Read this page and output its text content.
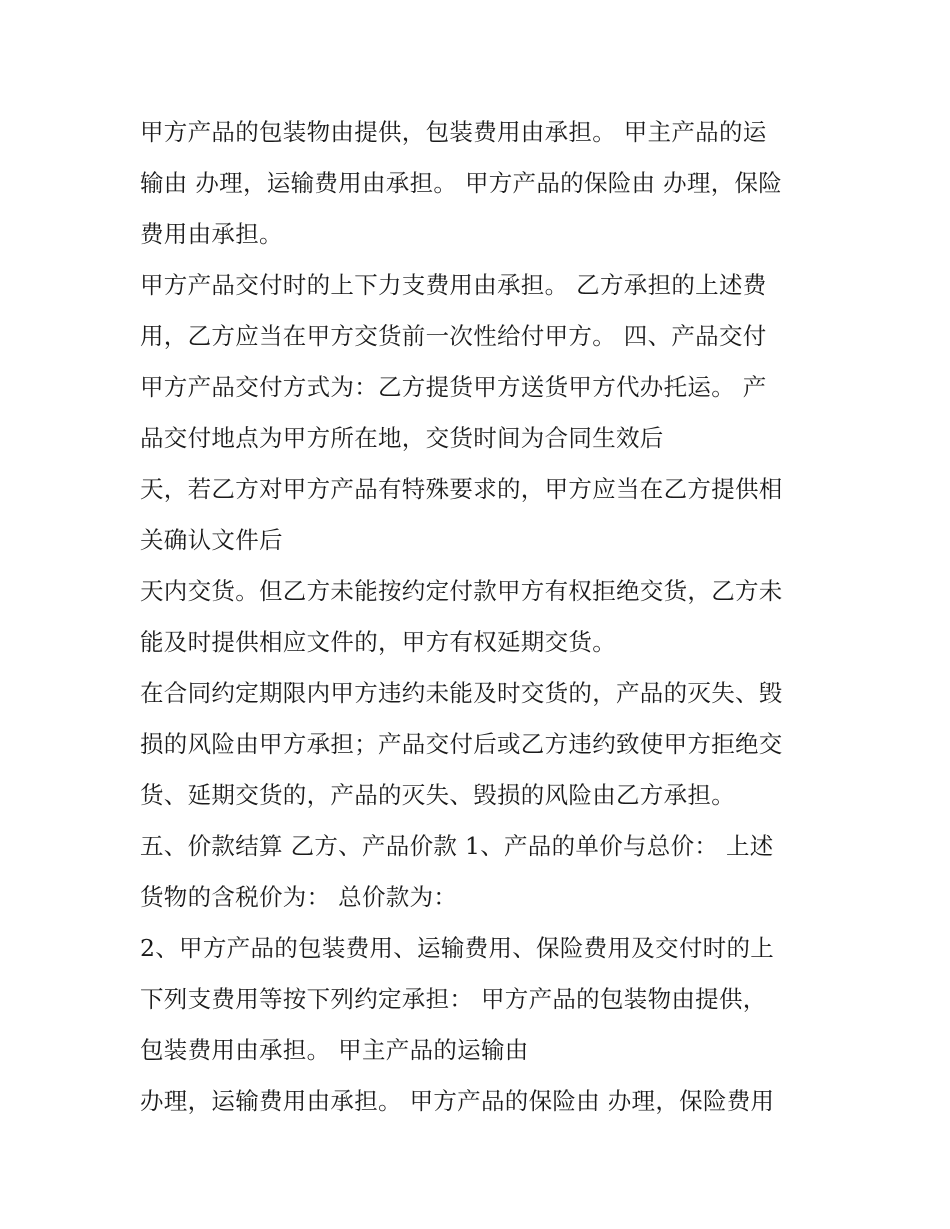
甲方产品的包装物由提供，包装费用由承担。 甲主产品的运
输由 办理，运输费用由承担。 甲方产品的保险由 办理，保险
费用由承担。
甲方产品交付时的上下力支费用由承担。 乙方承担的上述费
用，乙方应当在甲方交货前一次性给付甲方。 四、产品交付
甲方产品交付方式为：乙方提货甲方送货甲方代办托运。 产
品交付地点为甲方所在地，交货时间为合同生效后
天，若乙方对甲方产品有特殊要求的，甲方应当在乙方提供相
关确认文件后
天内交货。但乙方未能按约定付款甲方有权拒绝交货，乙方未
能及时提供相应文件的，甲方有权延期交货。
在合同约定期限内甲方违约未能及时交货的，产品的灭失、毁
损的风险由甲方承担；产品交付后或乙方违约致使甲方拒绝交
货、延期交货的，产品的灭失、毁损的风险由乙方承担。
五、价款结算 乙方、产品价款 1、产品的单价与总价： 上述
货物的含税价为： 总价款为：
2、甲方产品的包装费用、运输费用、保险费用及交付时的上
下列支费用等按下列约定承担： 甲方产品的包装物由提供，
包装费用由承担。 甲主产品的运输由
办理，运输费用由承担。 甲方产品的保险由 办理，保险费用
